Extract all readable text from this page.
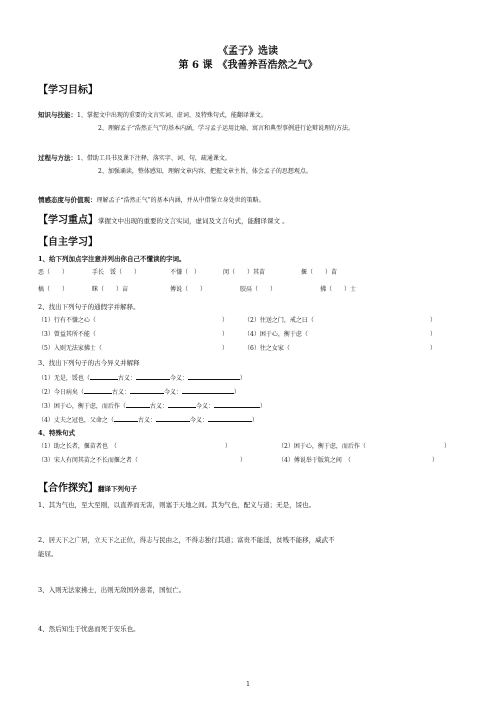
《孟子》选读
第 6 课　《我善养吾浩然之气》
【学习目标】
知识与技能：1、掌握文中出现的重要的文言实词、虚词、及特殊句式，能翻译课文。
2、理解孟子“浩然正气”的基本内涵，学习孟子运用比喻、寓言和典型事例进行论辩说理的方法。
过程与方法：1、借助工具书及课下注释，落实字、词、句，疏通课文。
2、加强诵读，整体感知，理解文章内容，把握文章主旨，体会孟子的思想观点。
情感态度与价值观：理解孟子“浩然正气”的基本内涵，并从中借鉴立身处世的策略。
【学习重点】掌握文中出现的重要的文言实词，虚词及文言句式，能翻译课文 。
【自主学习】
1、给下列加点字注意并列出你自己不懂读的字词。
恶（　　）	手长　馁（　　）	不慊（　）	闵（　　）其苗	揠（　　）苗
槁（　　）	眯（　　）亩	傅说（　　）	胶鬲（　　）	拂（　　）士
2、找出下列句子的通假字并解释。
（1）行有不慊之心（	）	（2）往送之门，戒之曰（	）
（3）曾益其所不能（	）	（4）困于心，衡于虑（	）
（5）入则无法家拂士（	）	（6）往之女家（	）
3、找出下列句子的古今异义并解释
（1）无是，馁也（	古义：	今义：	）
（2）今日病矣（	古义：	今义：	）
（3）困于心，衡于虑，而后作（	古义：	今义：	）
（4）丈夫之冠也，父命之（	古义：	今义：	）
4、特殊句式
（1）助之长者，揠苗者也　（	）	（2）困于心，衡于虑，而后作（	）
（3）宋人有闵其苗之不长而揠之者（	）	（4）傅说举于版筑之间　（	）
【合作探究】翻译下列句子
1、其为气也，至大至刚，以直养而无害，则塞于天地之间。其为气也，配义与道；无是，馁也。
2、居天下之广居，立天下之正位，得志与民由之，不得志独行其道；富贵不能淫，贫贱不能移，威武不
能屈。
3、入则无法家拂士，出则无敌国外患者，国恒亡。
4、然后知生于忧患而死于安乐也。
1
